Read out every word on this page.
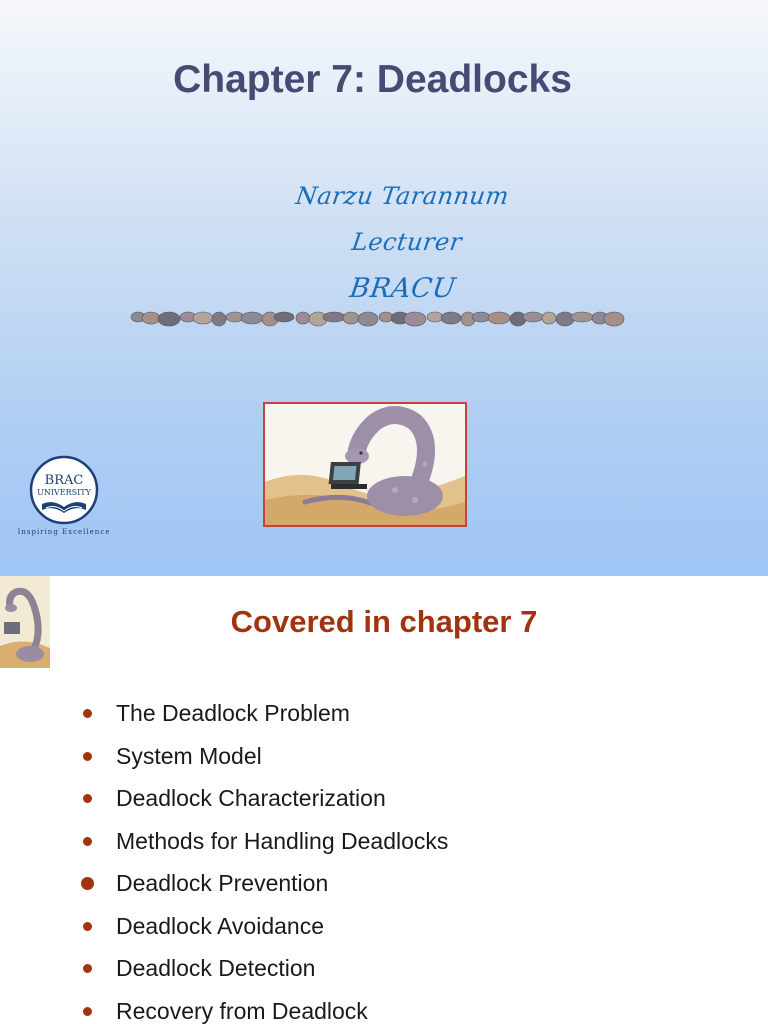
Chapter 7: Deadlocks
Narzu Tarannum
Lecturer
BRACU
BRAC
UNIVERSITY
Inspiring Excellence
Covered in chapter 7
The Deadlock Problem
System Model
Deadlock Characterization
Methods for Handling Deadlocks
Deadlock Prevention
Deadlock Avoidance
Deadlock Detection
Recovery from Deadlock
